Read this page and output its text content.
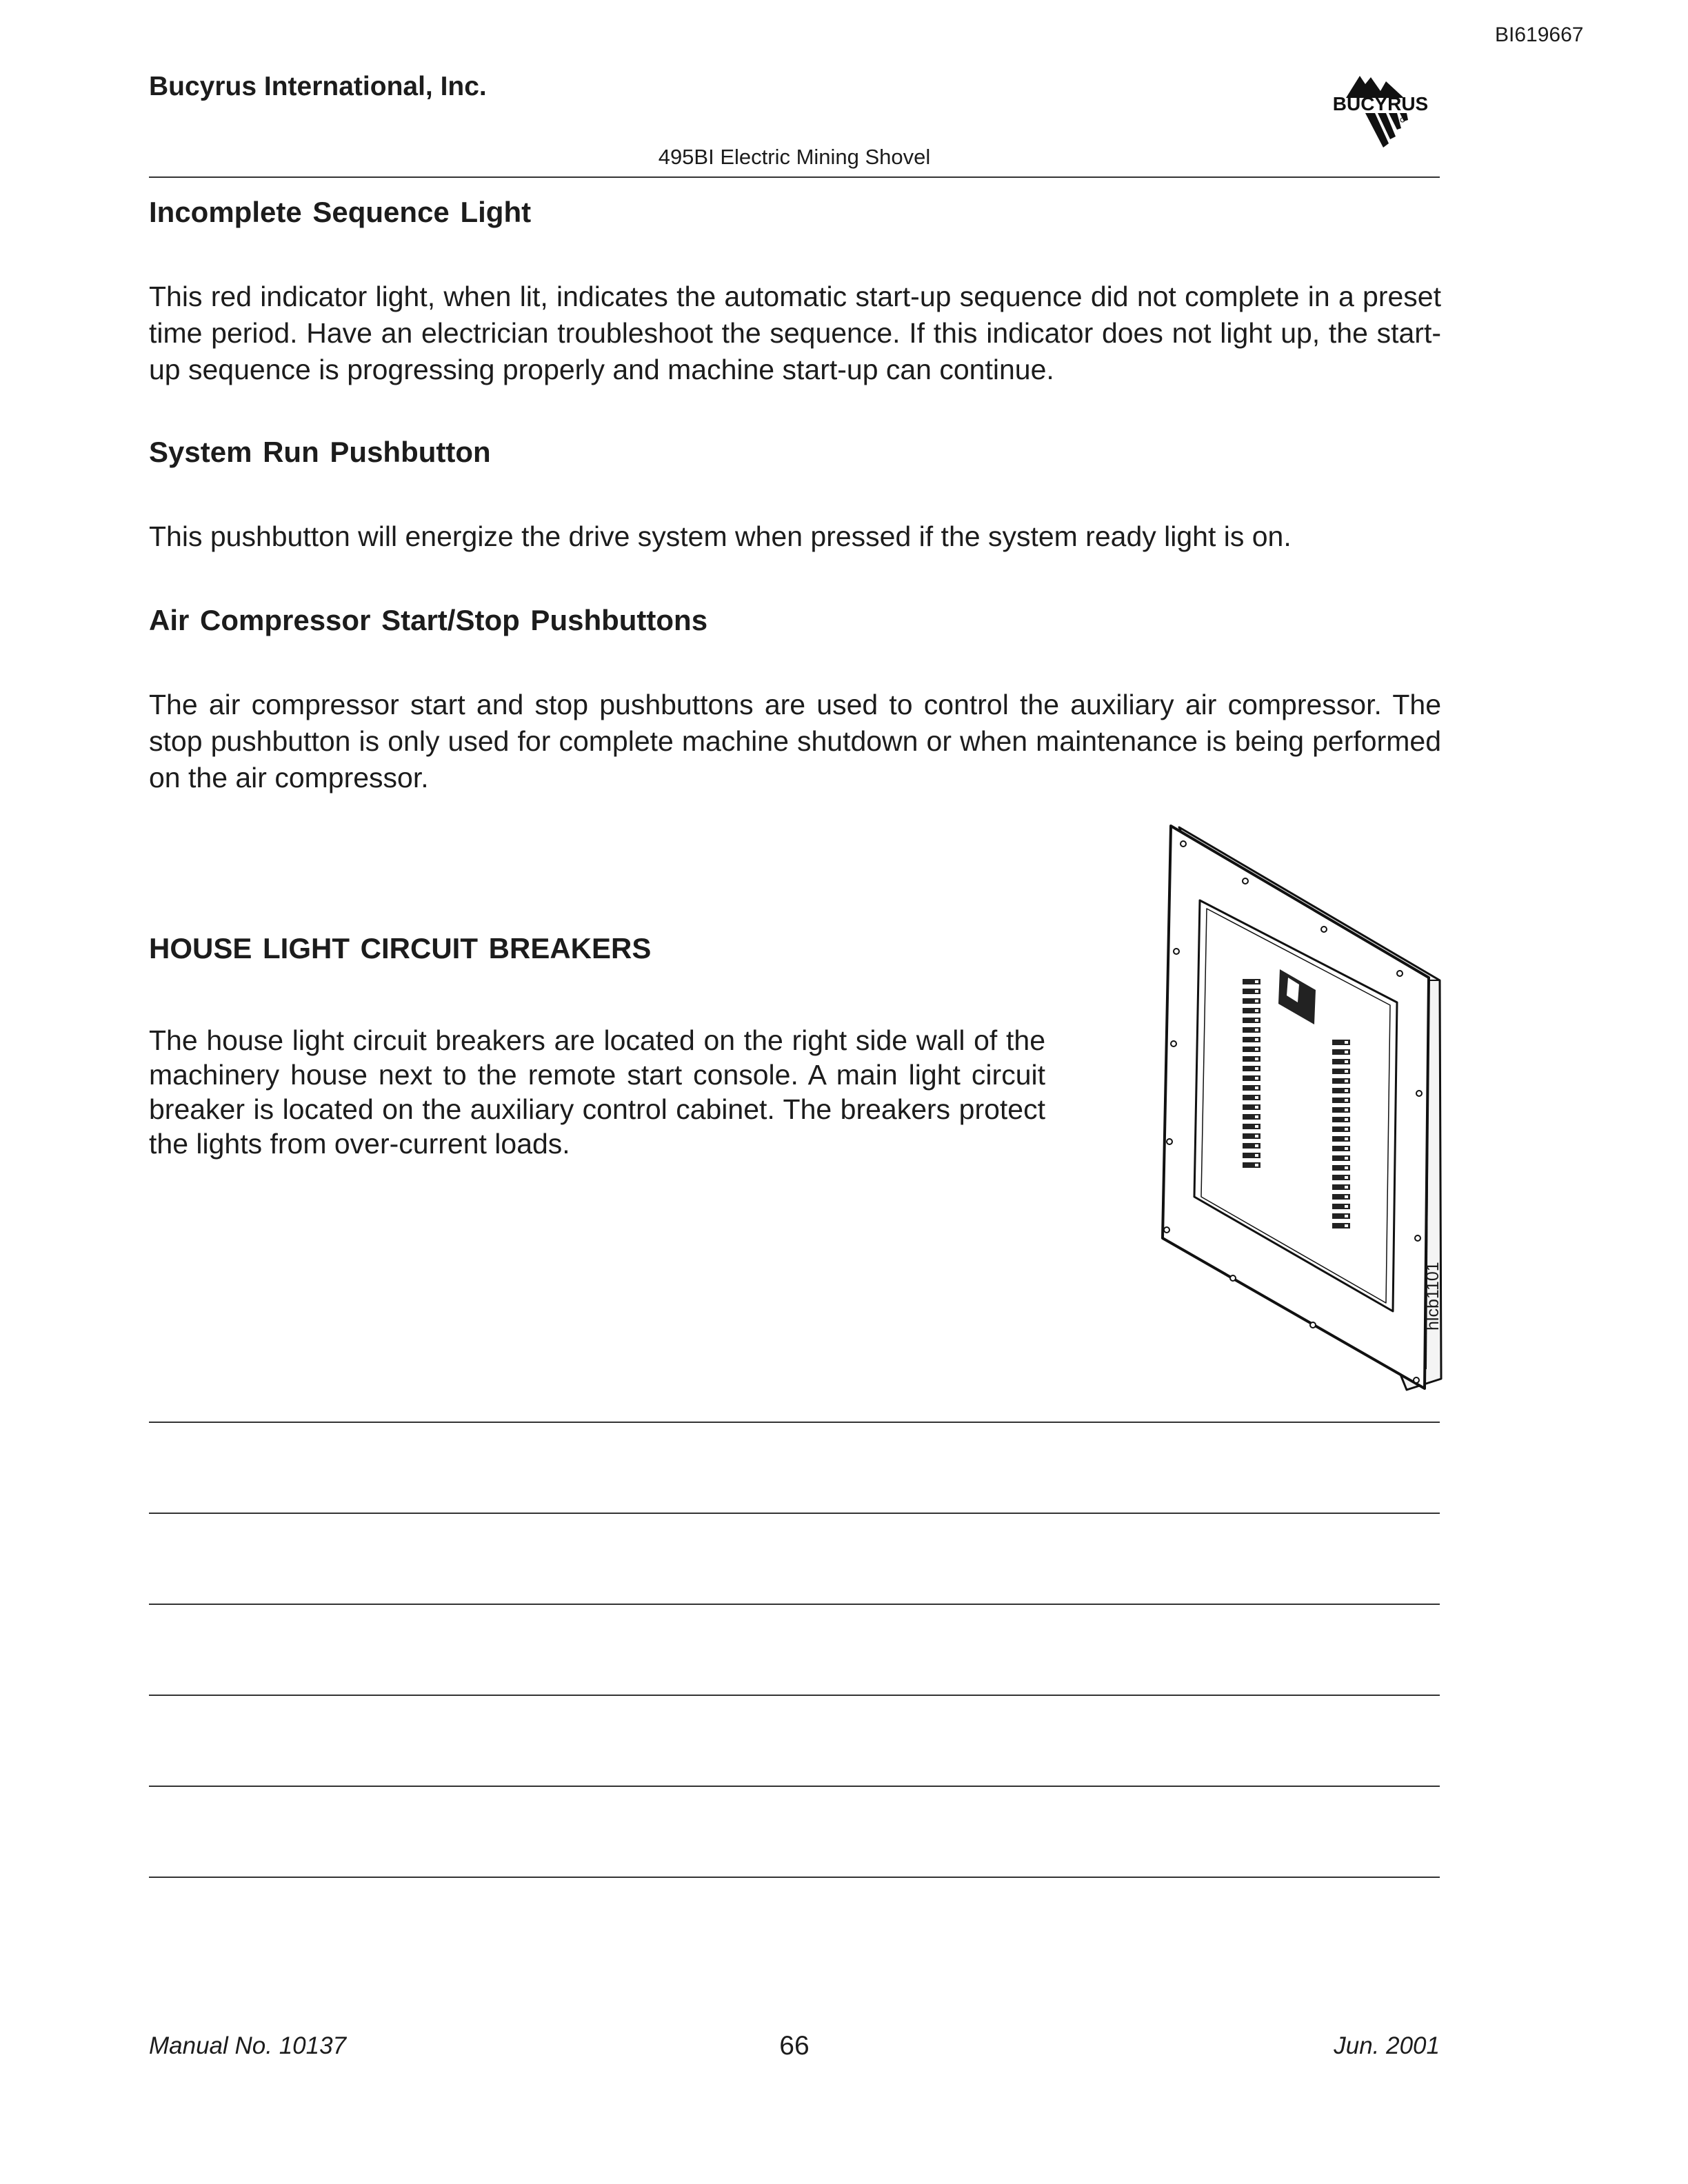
BI619667
Bucyrus International, Inc.
495BI Electric Mining Shovel
BUCYRUS
Incomplete Sequence Light
This red indicator light, when lit, indicates the automatic start-up sequence did not complete in a preset time period. Have an electrician troubleshoot the sequence. If this indicator does not light up, the start-up sequence is progressing properly and machine start-up can continue.
System Run Pushbutton
This pushbutton will energize the drive system when pressed if the system ready light is on.
Air Compressor Start/Stop Pushbuttons
The air compressor start and stop pushbuttons are used to control the auxiliary air compressor. The stop pushbutton is only used for complete machine shutdown or when maintenance is being performed on the air compressor.
HOUSE LIGHT CIRCUIT BREAKERS
The house light circuit breakers are located on the right side wall of the machinery house next to the remote start console. A main light circuit breaker is located on the auxiliary control cabinet. The breakers protect the lights from over-current loads.
hlcb1101
Manual No. 10137	66	Jun. 2001
